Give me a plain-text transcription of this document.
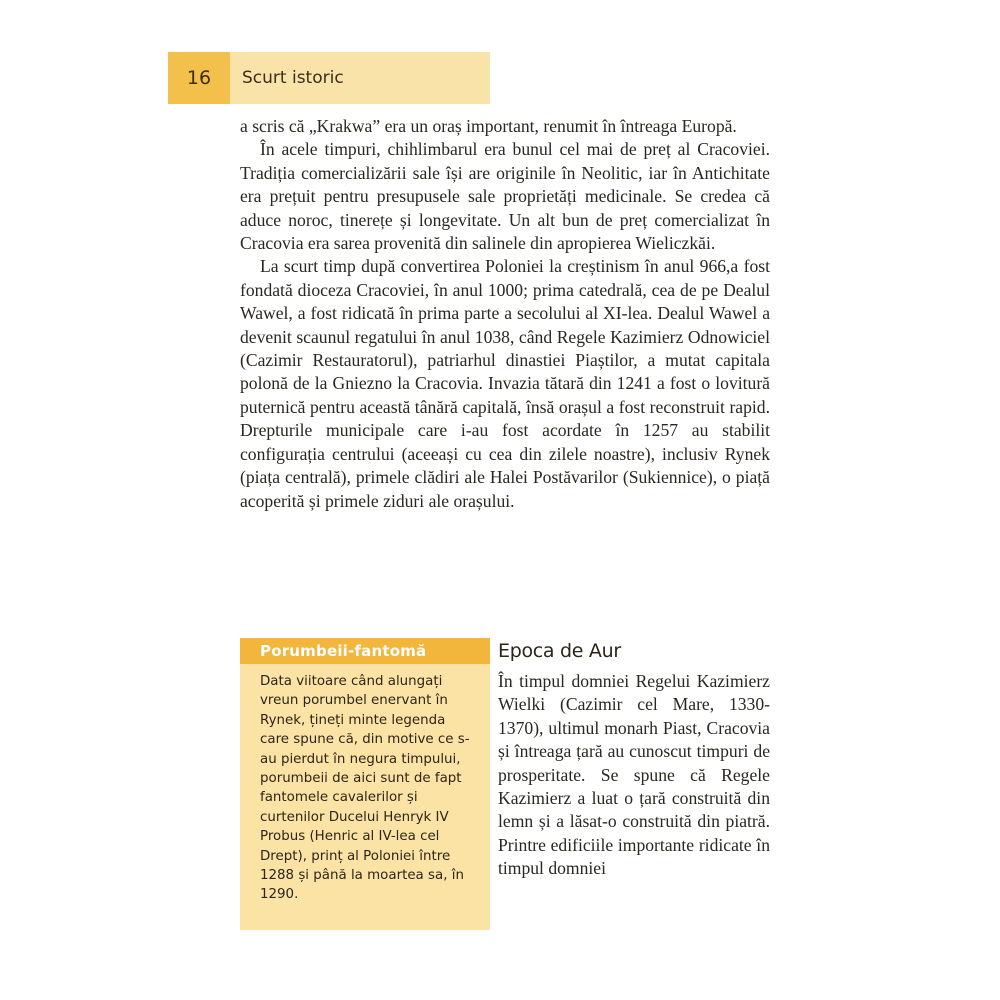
16	Scurt istoric

a scris că „Krakwa” era un oraș important, renumit în întreaga Europă.

În acele timpuri, chihlimbarul era bunul cel mai de preț al Cracoviei. Tradiția comercializării sale își are originile în Neolitic, iar în Antichitate era prețuit pentru presupusele sale proprietăți medicinale. Se credea că aduce noroc, tinerețe și longevitate. Un alt bun de preț comercializat în Cracovia era sarea provenită din salinele din apropierea Wieliczkăi.

La scurt timp după convertirea Poloniei la creștinism în anul 966,a fost fondată dioceza Cracoviei, în anul 1000; prima catedrală, cea de pe Dealul Wawel, a fost ridicată în prima parte a secolului al XI-lea. Dealul Wawel a devenit scaunul regatului în anul 1038, când Regele Kazimierz Odnowiciel (Cazimir Restauratorul), patriarhul dinastiei Piaștilor, a mutat capitala polonă de la Gniezno la Cracovia. Invazia tătară din 1241 a fost o lovitură puternică pentru această tânără capitală, însă orașul a fost reconstruit rapid. Drepturile municipale care i-au fost acordate în 1257 au stabilit configurația centrului (aceeași cu cea din zilele noastre), inclusiv Rynek (piața centrală), primele clădiri ale Halei Postăvarilor (Sukiennice), o piață acoperită și primele ziduri ale orașului.

Porumbeii-fantomă
Data viitoare când alungați vreun porumbel enervant în Rynek, țineți minte legenda care spune că, din motive ce s-au pierdut în negura timpului, porumbeii de aici sunt de fapt fantomele cavalerilor și curtenilor Ducelui Henryk IV Probus (Henric al IV-lea cel Drept), prinț al Poloniei între 1288 și până la moartea sa, în 1290.
Epoca de Aur

În timpul domniei Regelui Kazimierz Wielki (Cazimir cel Mare, 1330-1370), ultimul monarh Piast, Cracovia și întreaga țară au cunoscut timpuri de prosperitate. Se spune că Regele Kazimierz a luat o țară construită din lemn și a lăsat-o construită din piatră. Printre edificiile importante ridicate în timpul domniei
